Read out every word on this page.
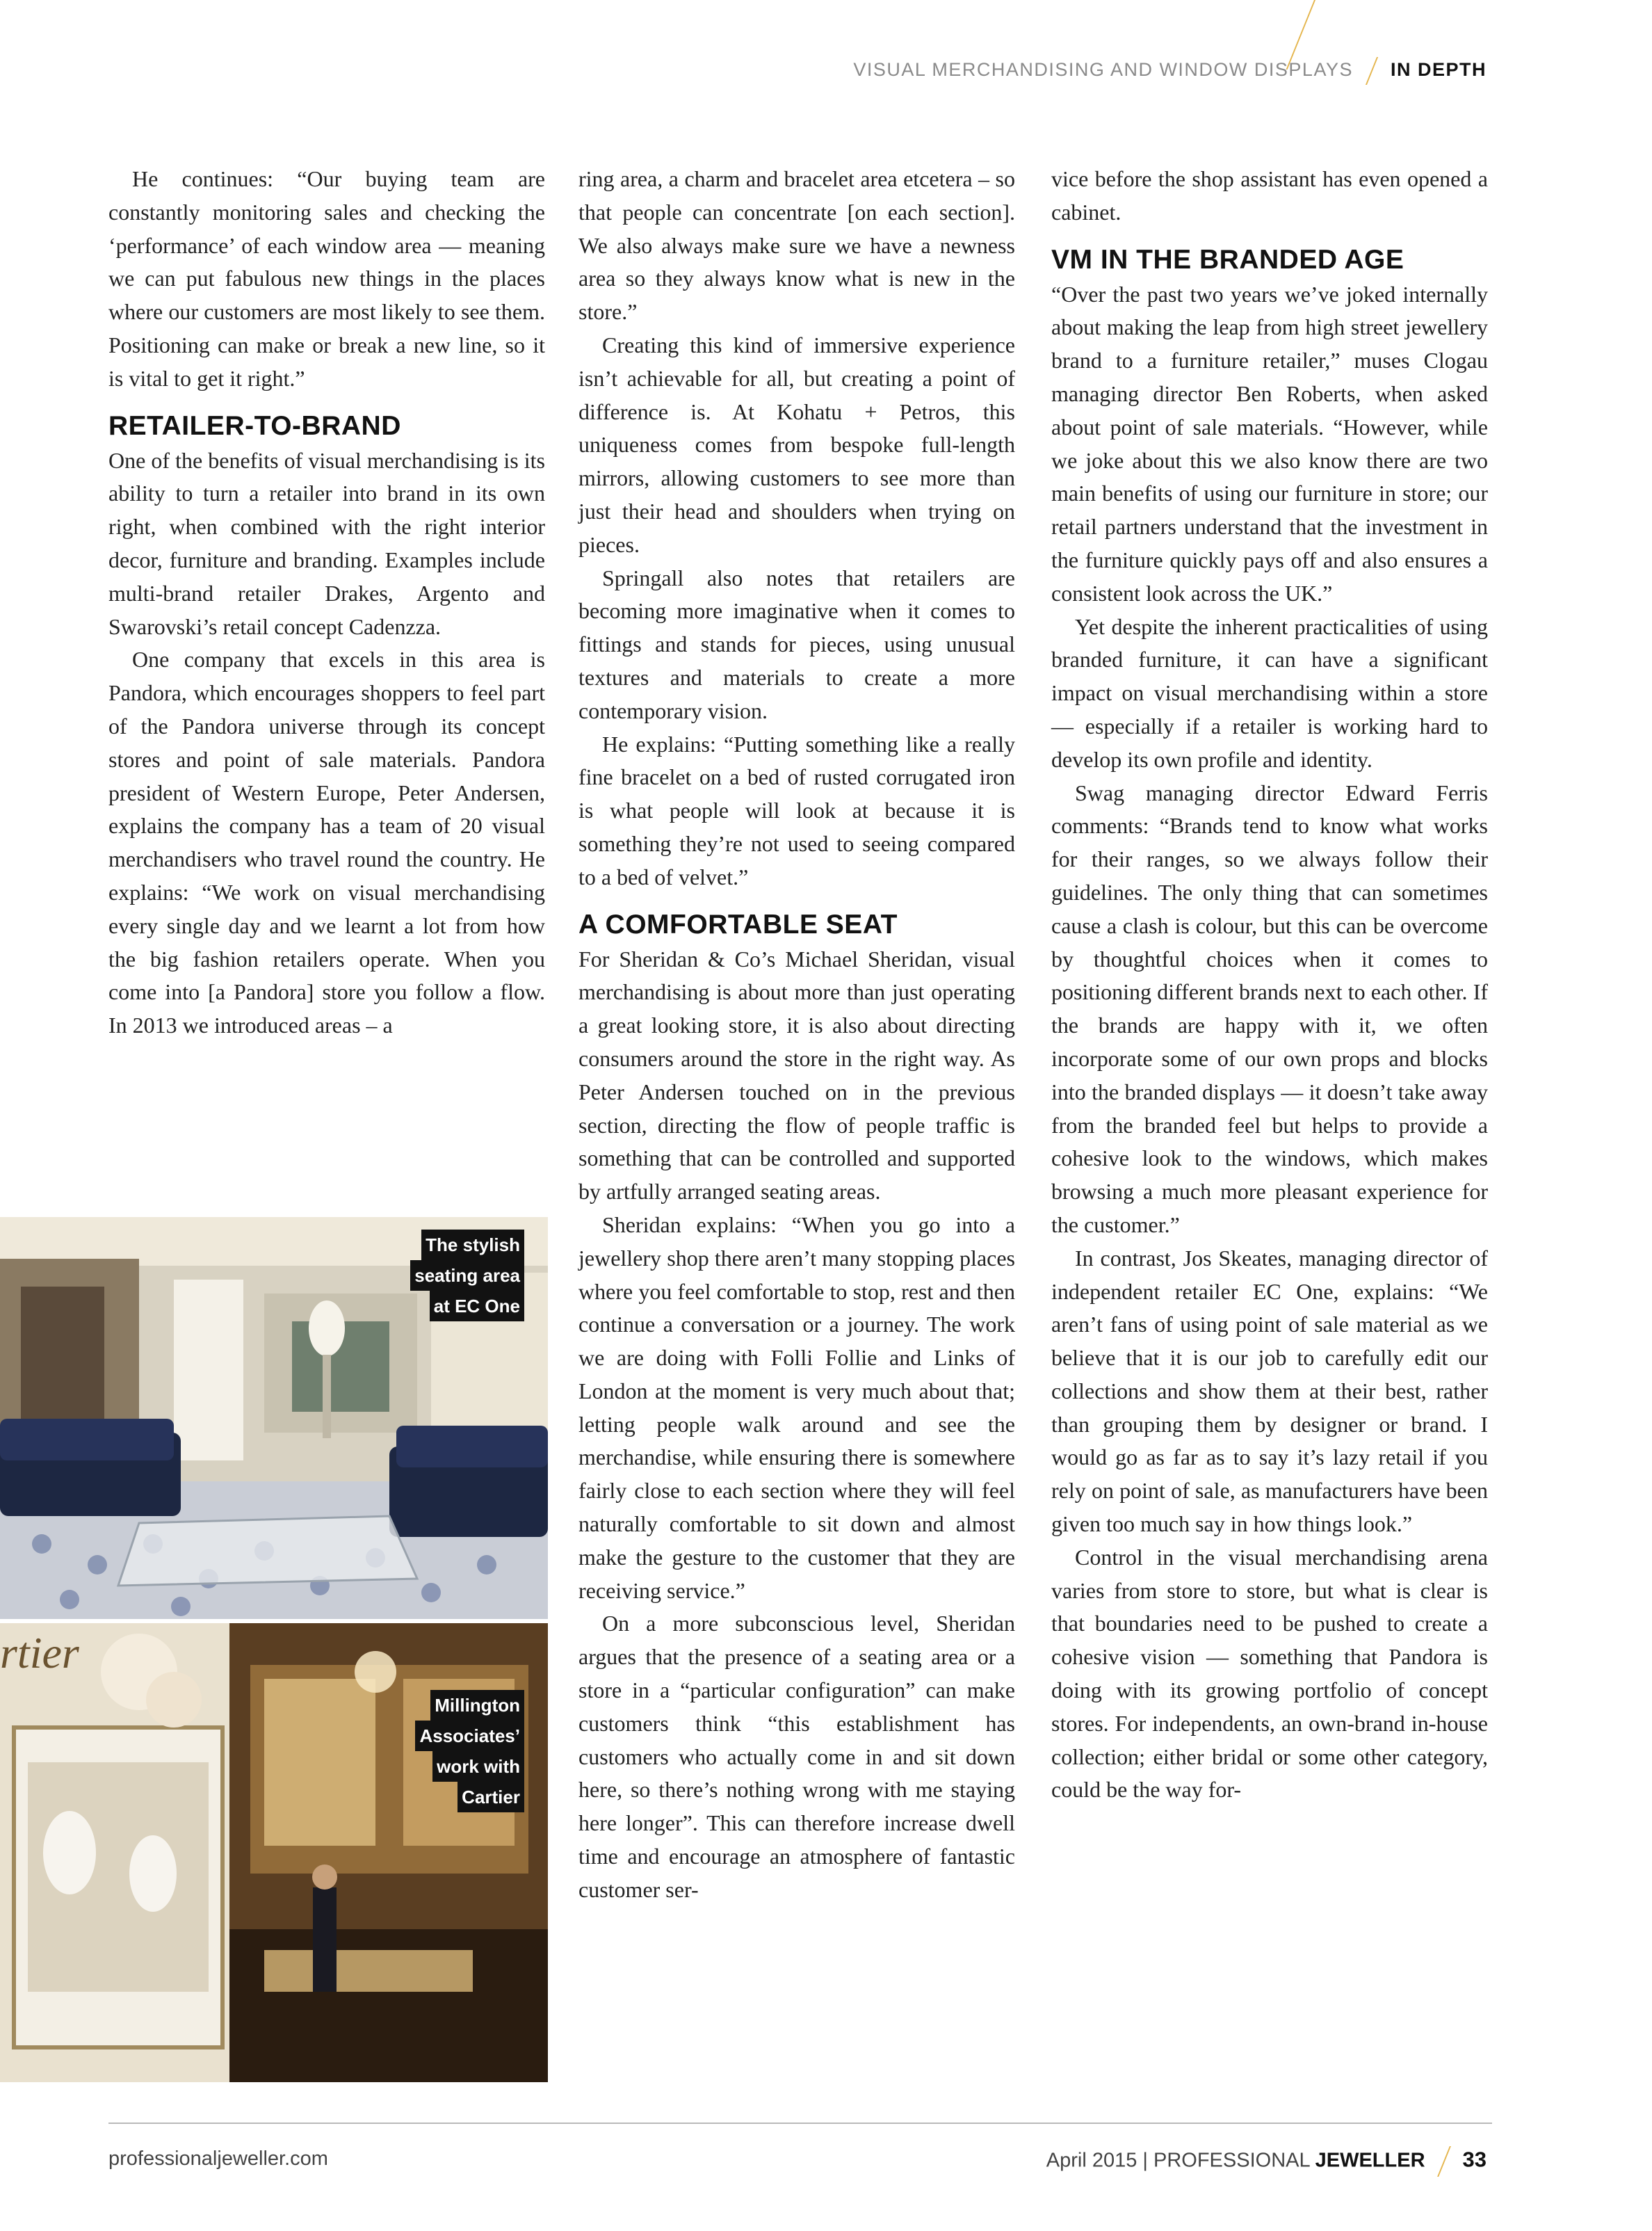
VISUAL MERCHANDISING AND WINDOW DISPLAYS IN DEPTH

He continues: “Our buying team are constantly monitoring sales and checking the ‘performance’ of each window area — meaning we can put fabulous new things in the places where our customers are most likely to see them. Positioning can make or break a new line, so it is vital to get it right.”

RETAILER-TO-BRAND

One of the benefits of visual merchandising is its ability to turn a retailer into brand in its own right, when combined with the right interior decor, furniture and branding. Examples include multi-brand retailer Drakes, Argento and Swarovski’s retail concept Cadenzza.

One company that excels in this area is Pandora, which encourages shoppers to feel part of the Pandora universe through its concept stores and point of sale materials. Pandora president of Western Europe, Peter Andersen, explains the company has a team of 20 visual merchandisers who travel round the country. He explains: “We work on visual merchandising every single day and we learnt a lot from how the big fashion retailers operate. When you come into [a Pandora] store you follow a flow. In 2013 we introduced areas – a

ring area, a charm and bracelet area etcetera – so that people can concentrate [on each section]. We also always make sure we have a newness area so they always know what is new in the store.”

Creating this kind of immersive experience isn’t achievable for all, but creating a point of difference is. At Kohatu + Petros, this uniqueness comes from bespoke full-length mirrors, allowing customers to see more than just their head and shoulders when trying on pieces.

Springall also notes that retailers are becoming more imaginative when it comes to fittings and stands for pieces, using unusual textures and materials to create a more contemporary vision.

He explains: “Putting something like a really fine bracelet on a bed of rusted corrugated iron is what people will look at because it is something they’re not used to seeing compared to a bed of velvet.”

A COMFORTABLE SEAT

For Sheridan & Co’s Michael Sheridan, visual merchandising is about more than just operating a great looking store, it is also about directing consumers around the store in the right way. As Peter Andersen touched on in the previous section, directing the flow of people traffic is something that can be controlled and supported by artfully arranged seating areas.

Sheridan explains: “When you go into a jewellery shop there aren’t many stopping places where you feel comfortable to stop, rest and then continue a conversation or a journey. The work we are doing with Folli Follie and Links of London at the moment is very much about that; letting people walk around and see the merchandise, while ensuring there is somewhere fairly close to each section where they will feel naturally comfortable to sit down and almost make the gesture to the customer that they are receiving service.”

On a more subconscious level, Sheridan argues that the presence of a seating area or a store in a “particular configuration” can make customers think “this establishment has customers who actually come in and sit down here, so there’s nothing wrong with me staying here longer”. This can therefore increase dwell time and encourage an atmosphere of fantastic customer ser-

vice before the shop assistant has even opened a cabinet.

VM IN THE BRANDED AGE

“Over the past two years we’ve joked internally about making the leap from high street jewellery brand to a furniture retailer,” muses Clogau managing director Ben Roberts, when asked about point of sale materials. “However, while we joke about this we also know there are two main benefits of using our furniture in store; our retail partners understand that the investment in the furniture quickly pays off and also ensures a consistent look across the UK.”

Yet despite the inherent practicalities of using branded furniture, it can have a significant impact on visual merchandising within a store — especially if a retailer is working hard to develop its own profile and identity.

Swag managing director Edward Ferris comments: “Brands tend to know what works for their ranges, so we always follow their guidelines. The only thing that can sometimes cause a clash is colour, but this can be overcome by thoughtful choices when it comes to positioning different brands next to each other. If the brands are happy with it, we often incorporate some of our own props and blocks into the branded displays — it doesn’t take away from the branded feel but helps to provide a cohesive look to the windows, which makes browsing a much more pleasant experience for the customer.”

In contrast, Jos Skeates, managing director of independent retailer EC One, explains: “We aren’t fans of using point of sale material as we believe that it is our job to carefully edit our collections and show them at their best, rather than grouping them by designer or brand. I would go as far as to say it’s lazy retail if you rely on point of sale, as manufacturers have been given too much say in how things look.”

Control in the visual merchandising arena varies from store to store, but what is clear is that boundaries need to be pushed to create a cohesive vision — something that Pandora is doing with its growing portfolio of concept stores. For independents, an own-brand in-house collection; either bridal or some other category, could be the way for-

The stylish
seating area
at EC One
Millington
Associates’
work with
Cartier
rtier
professionaljeweller.com	April 2015 | PROFESSIONAL JEWELLER 33
